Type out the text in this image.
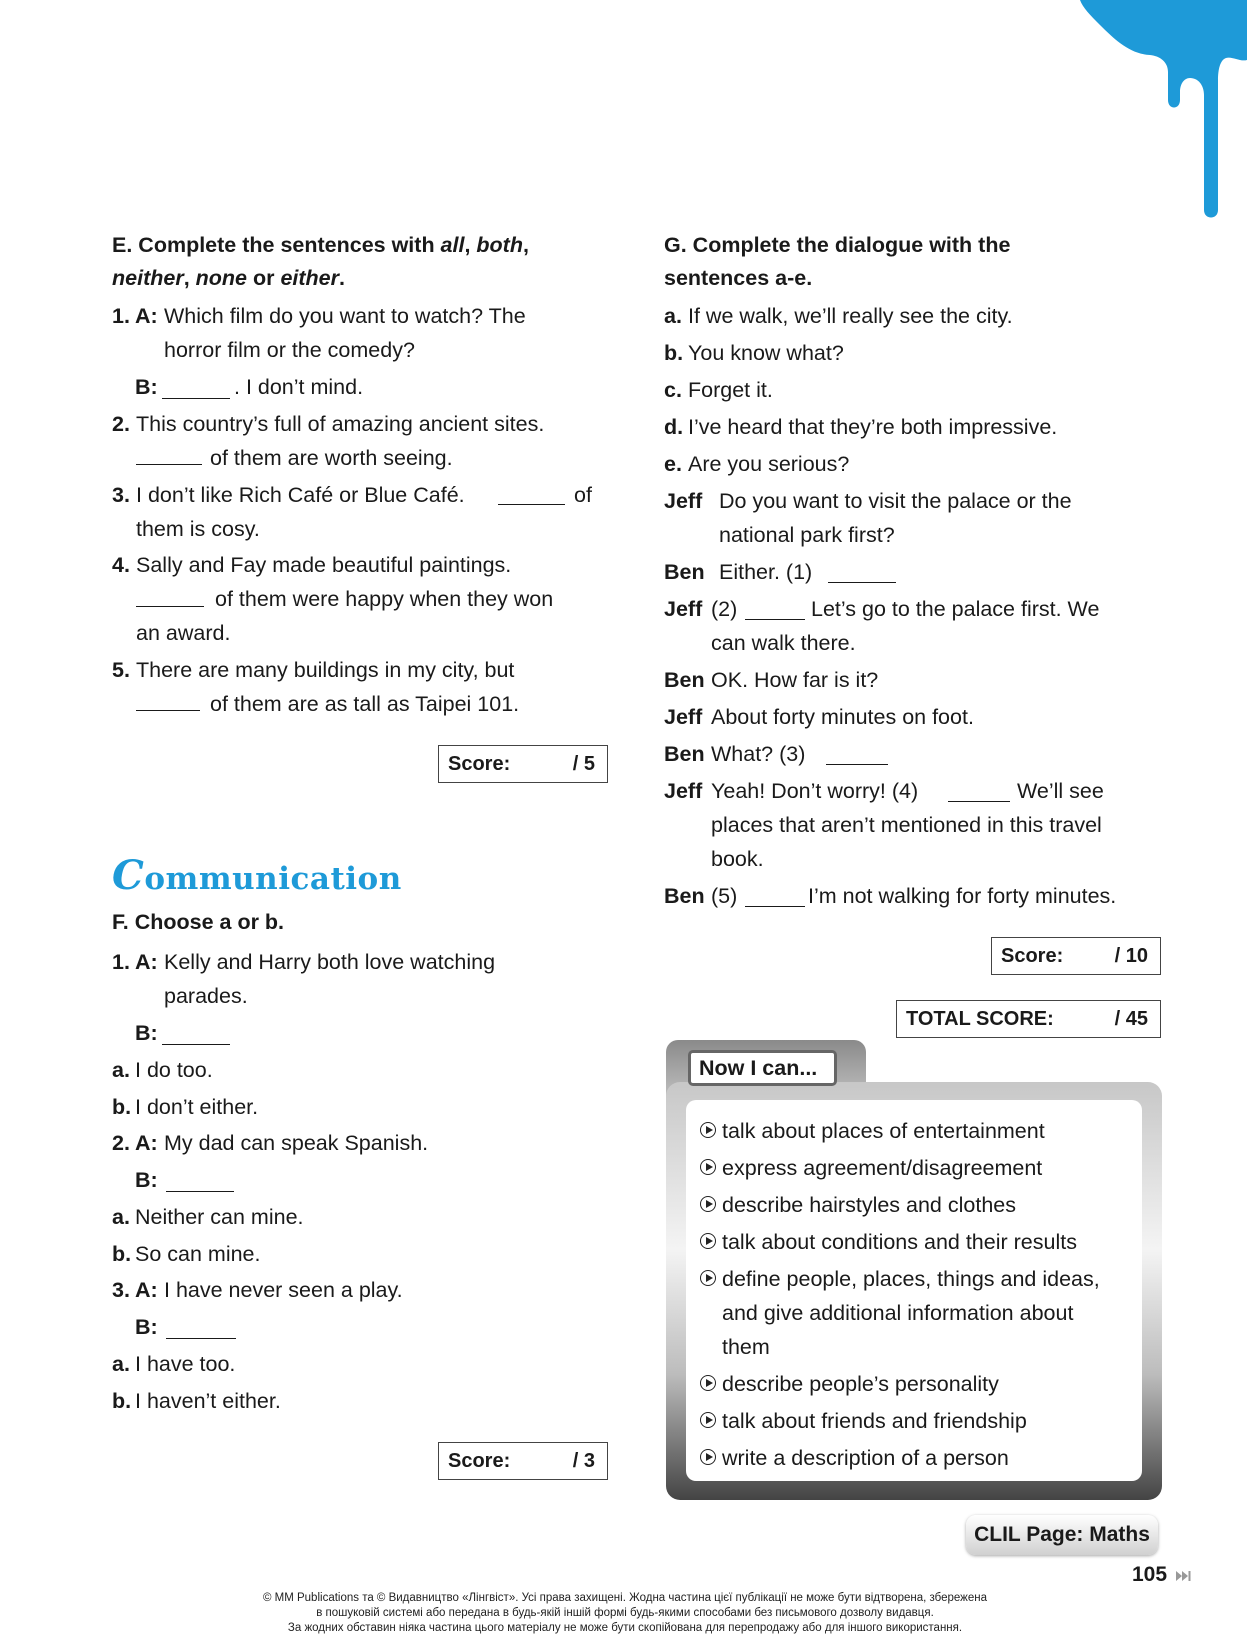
E. Complete the sentences with all, both,
neither, none or either.
1. A: Which film do you want to watch? The
horror film or the comedy?
B:	. I don’t mind.
2. This country’s full of amazing ancient sites.
of them are worth seeing.
3. I don’t like Rich Café or Blue Café.	of
them is cosy.
4. Sally and Fay made beautiful paintings.
of them were happy when they won
an award.
5. There are many buildings in my city, but
of them are as tall as Taipei 101.
Score:	/ 5
Communication
F. Choose a or b.
1. A: Kelly and Harry both love watching
parades.
B:
a. I do too.
b. I don’t either.
2. A: My dad can speak Spanish.
B:
a. Neither can mine.
b. So can mine.
3. A: I have never seen a play.
B:
a. I have too.
b. I haven’t either.
Score:	/ 3
G. Complete the dialogue with the
sentences a-e.
a. If we walk, we’ll really see the city.
b. You know what?
c. Forget it.
d. I’ve heard that they’re both impressive.
e. Are you serious?
Jeff Do you want to visit the palace or the
national park first?
Ben Either. (1)
Jeff (2)	Let’s go to the palace first. We
can walk there.
Ben OK. How far is it?
Jeff About forty minutes on foot.
Ben What? (3)
Jeff Yeah! Don’t worry! (4)	We’ll see
places that aren’t mentioned in this travel
book.
Ben (5)	I’m not walking for forty minutes.
Score:	/ 10
TOTAL SCORE:	/ 45
Now I can...
talk about places of entertainment
express agreement/disagreement
describe hairstyles and clothes
talk about conditions and their results
define people, places, things and ideas,
and give additional information about
them
describe people’s personality
talk about friends and friendship
write a description of a person
CLIL Page: Maths
105
© MM Publications та © Видавництво «Лінгвіст». Усі права захищені. Жодна частина цієї публікації не може бути відтворена, збережена
в пошуковій системі або передана в будь-якій іншій формі будь-якими способами без письмового дозволу видавця.
За жодних обставин ніяка частина цього матеріалу не може бути скопійована для перепродажу або для іншого використання.
